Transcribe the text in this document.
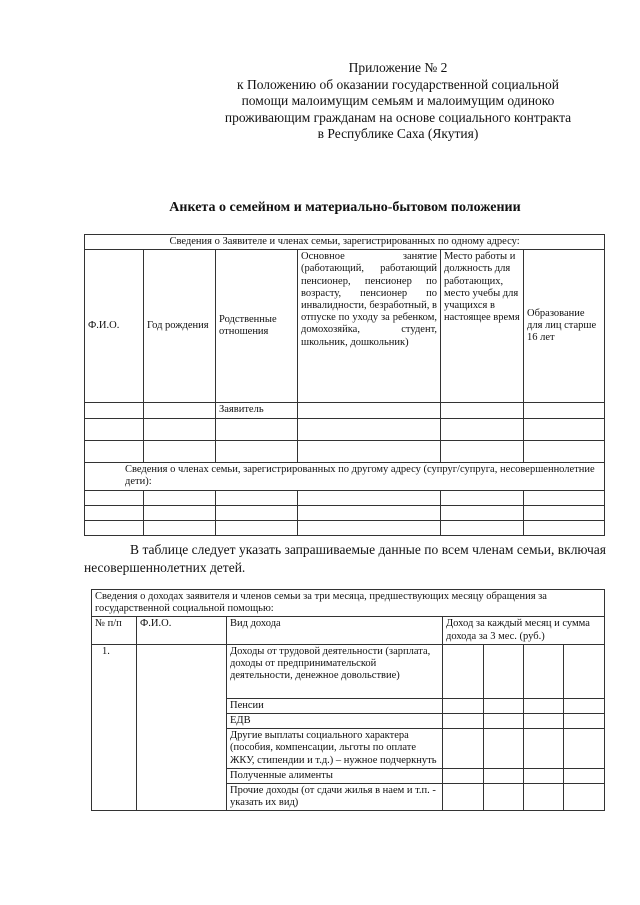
Приложение № 2
к Положению об оказании государственной социальной
помощи малоимущим семьям и малоимущим одиноко
проживающим гражданам на основе социального контракта
в Республике Саха (Якутия)
Анкета о семейном и материально-бытовом положении
Сведения о Заявителе и членах семьи, зарегистрированных по одному адресу:					
Ф.И.О.	Год рождения	Родственные отношения	Основное занятие (работающий, работающий пенсионер, пенсионер по возрасту, пенсионер по инвалидности, безработный, в отпуске по уходу за ребенком, домохозяйка, студент, школьник, дошкольник)	Место работы и должность для работающих, место учебы для учащихся в настоящее время	Образование для лиц старше 16 лет
		Заявитель			

Сведения о членах семьи, зарегистрированных по другому адресу (супруг/супруга, несовершеннолетние дети):					

В таблице следует указать запрашиваемые данные по всем членам семьи, включая несовершеннолетних детей.
Сведения о доходах заявителя и членов семьи за три месяца, предшествующих месяцу обращения за государственной социальной помощью:						
№ п/п	Ф.И.О.	Вид дохода	Доход за каждый месяц и сумма дохода за 3 мес. (руб.)			
1.		Доходы от трудовой деятельности (зарплата, доходы от предпринимательской деятельности, денежное довольствие)				
		Пенсии				
		ЕДВ				
		Другие выплаты социального характера (пособия, компенсации, льготы по оплате ЖКУ, стипендии и т.д.) – нужное подчеркнуть				
		Полученные алименты				
		Прочие доходы (от сдачи жилья в наем и т.п. - указать их вид)				
